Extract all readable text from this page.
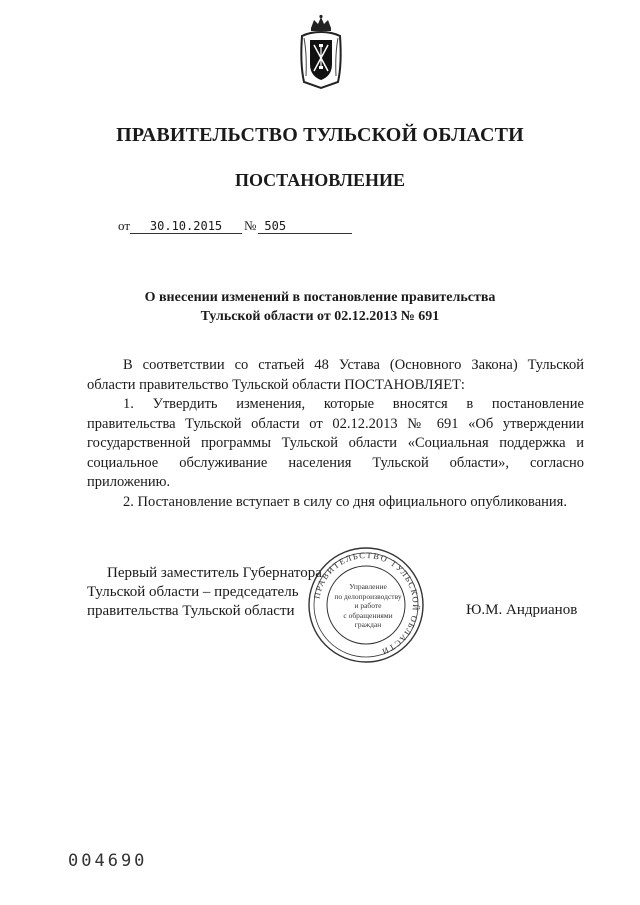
ПРАВИТЕЛЬСТВО ТУЛЬСКОЙ ОБЛАСТИ
ПОСТАНОВЛЕНИЕ
от 30.10.2015 № 505
О внесении изменений в постановление правительства
Тульской области от 02.12.2013 № 691

В соответствии со статьей 48 Устава (Основного Закона) Тульской области правительство Тульской области ПОСТАНОВЛЯЕТ:

1. Утвердить изменения, которые вносятся в постановление правительства Тульской области от 02.12.2013 № 691 «Об утверждении государственной программы Тульской области «Социальная поддержка и социальное обслуживание населения Тульской области», согласно приложению.

2. Постановление вступает в силу со дня официального опубликования.

Первый заместитель Губернатора
Тульской области – председатель
правительства Тульской области	Ю.М. Андрианов
ПРАВИТЕЛЬСТВО ТУЛЬСКОЙ ОБЛАСТИ
Управление
по делопроизводству
и работе
с обращениями
граждан
004690
